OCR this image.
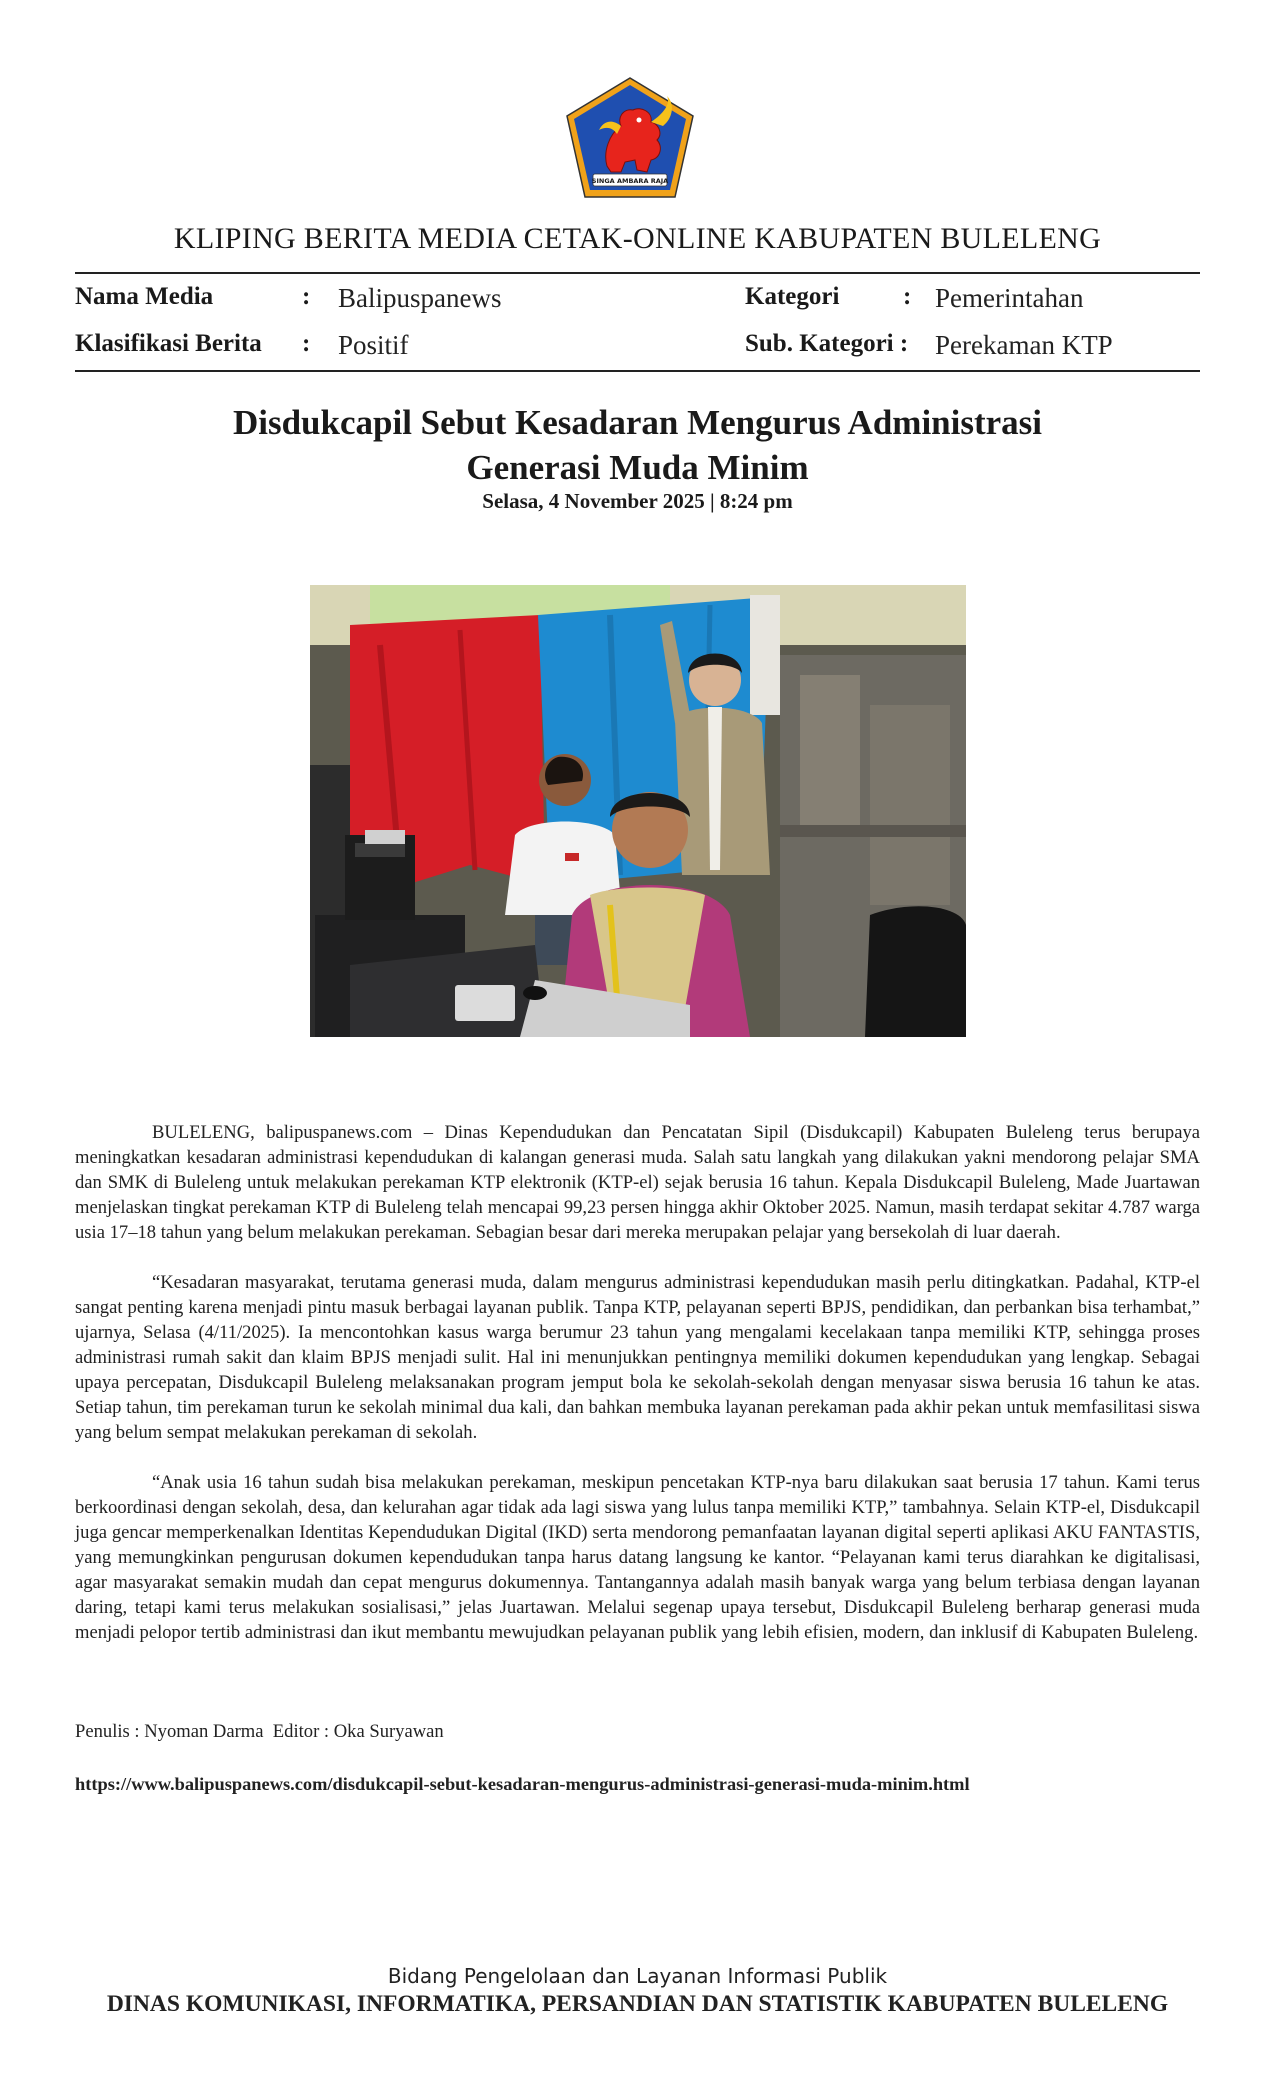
SINGA AMBARA RAJA
KLIPING BERITA MEDIA CETAK-ONLINE KABUPATEN BULELENG
Nama Media	: Balipuspanews	Kategori	: Pemerintahan
Klasifikasi Berita : Positif	Sub. Kategori : Perekaman KTP
Disdukcapil Sebut Kesadaran Mengurus Administrasi
Generasi Muda Minim
Selasa, 4 November 2025 | 8:24 pm

BULELENG, balipuspanews.com – Dinas Kependudukan dan Pencatatan Sipil (Disdukcapil) Kabupaten Buleleng terus berupaya meningkatkan kesadaran administrasi kependudukan di kalangan generasi muda. Salah satu langkah yang dilakukan yakni mendorong pelajar SMA dan SMK di Buleleng untuk melakukan perekaman KTP elektronik (KTP-el) sejak berusia 16 tahun. Kepala Disdukcapil Buleleng, Made Juartawan menjelaskan tingkat perekaman KTP di Buleleng telah mencapai 99,23 persen hingga akhir Oktober 2025. Namun, masih terdapat sekitar 4.787 warga usia 17–18 tahun yang belum melakukan perekaman. Sebagian besar dari mereka merupakan pelajar yang bersekolah di luar daerah.

“Kesadaran masyarakat, terutama generasi muda, dalam mengurus administrasi kependudukan masih perlu ditingkatkan. Padahal, KTP-el sangat penting karena menjadi pintu masuk berbagai layanan publik. Tanpa KTP, pelayanan seperti BPJS, pendidikan, dan perbankan bisa terhambat,” ujarnya, Selasa (4/11/2025). Ia mencontohkan kasus warga berumur 23 tahun yang mengalami kecelakaan tanpa memiliki KTP, sehingga proses administrasi rumah sakit dan klaim BPJS menjadi sulit. Hal ini menunjukkan pentingnya memiliki dokumen kependudukan yang lengkap. Sebagai upaya percepatan, Disdukcapil Buleleng melaksanakan program jemput bola ke sekolah-sekolah dengan menyasar siswa berusia 16 tahun ke atas. Setiap tahun, tim perekaman turun ke sekolah minimal dua kali, dan bahkan membuka layanan perekaman pada akhir pekan untuk memfasilitasi siswa yang belum sempat melakukan perekaman di sekolah.

“Anak usia 16 tahun sudah bisa melakukan perekaman, meskipun pencetakan KTP-nya baru dilakukan saat berusia 17 tahun. Kami terus berkoordinasi dengan sekolah, desa, dan kelurahan agar tidak ada lagi siswa yang lulus tanpa memiliki KTP,” tambahnya. Selain KTP-el, Disdukcapil juga gencar memperkenalkan Identitas Kependudukan Digital (IKD) serta mendorong pemanfaatan layanan digital seperti aplikasi AKU FANTASTIS, yang memungkinkan pengurusan dokumen kependudukan tanpa harus datang langsung ke kantor. “Pelayanan kami terus diarahkan ke digitalisasi, agar masyarakat semakin mudah dan cepat mengurus dokumennya. Tantangannya adalah masih banyak warga yang belum terbiasa dengan layanan daring, tetapi kami terus melakukan sosialisasi,” jelas Juartawan. Melalui segenap upaya tersebut, Disdukcapil Buleleng berharap generasi muda menjadi pelopor tertib administrasi dan ikut membantu mewujudkan pelayanan publik yang lebih efisien, modern, dan inklusif di Kabupaten Buleleng.

Penulis : Nyoman Darma  Editor : Oka Suryawan
https://www.balipuspanews.com/disdukcapil-sebut-kesadaran-mengurus-administrasi-generasi-muda-minim.html
Bidang Pengelolaan dan Layanan Informasi Publik
DINAS KOMUNIKASI, INFORMATIKA, PERSANDIAN DAN STATISTIK KABUPATEN BULELENG
